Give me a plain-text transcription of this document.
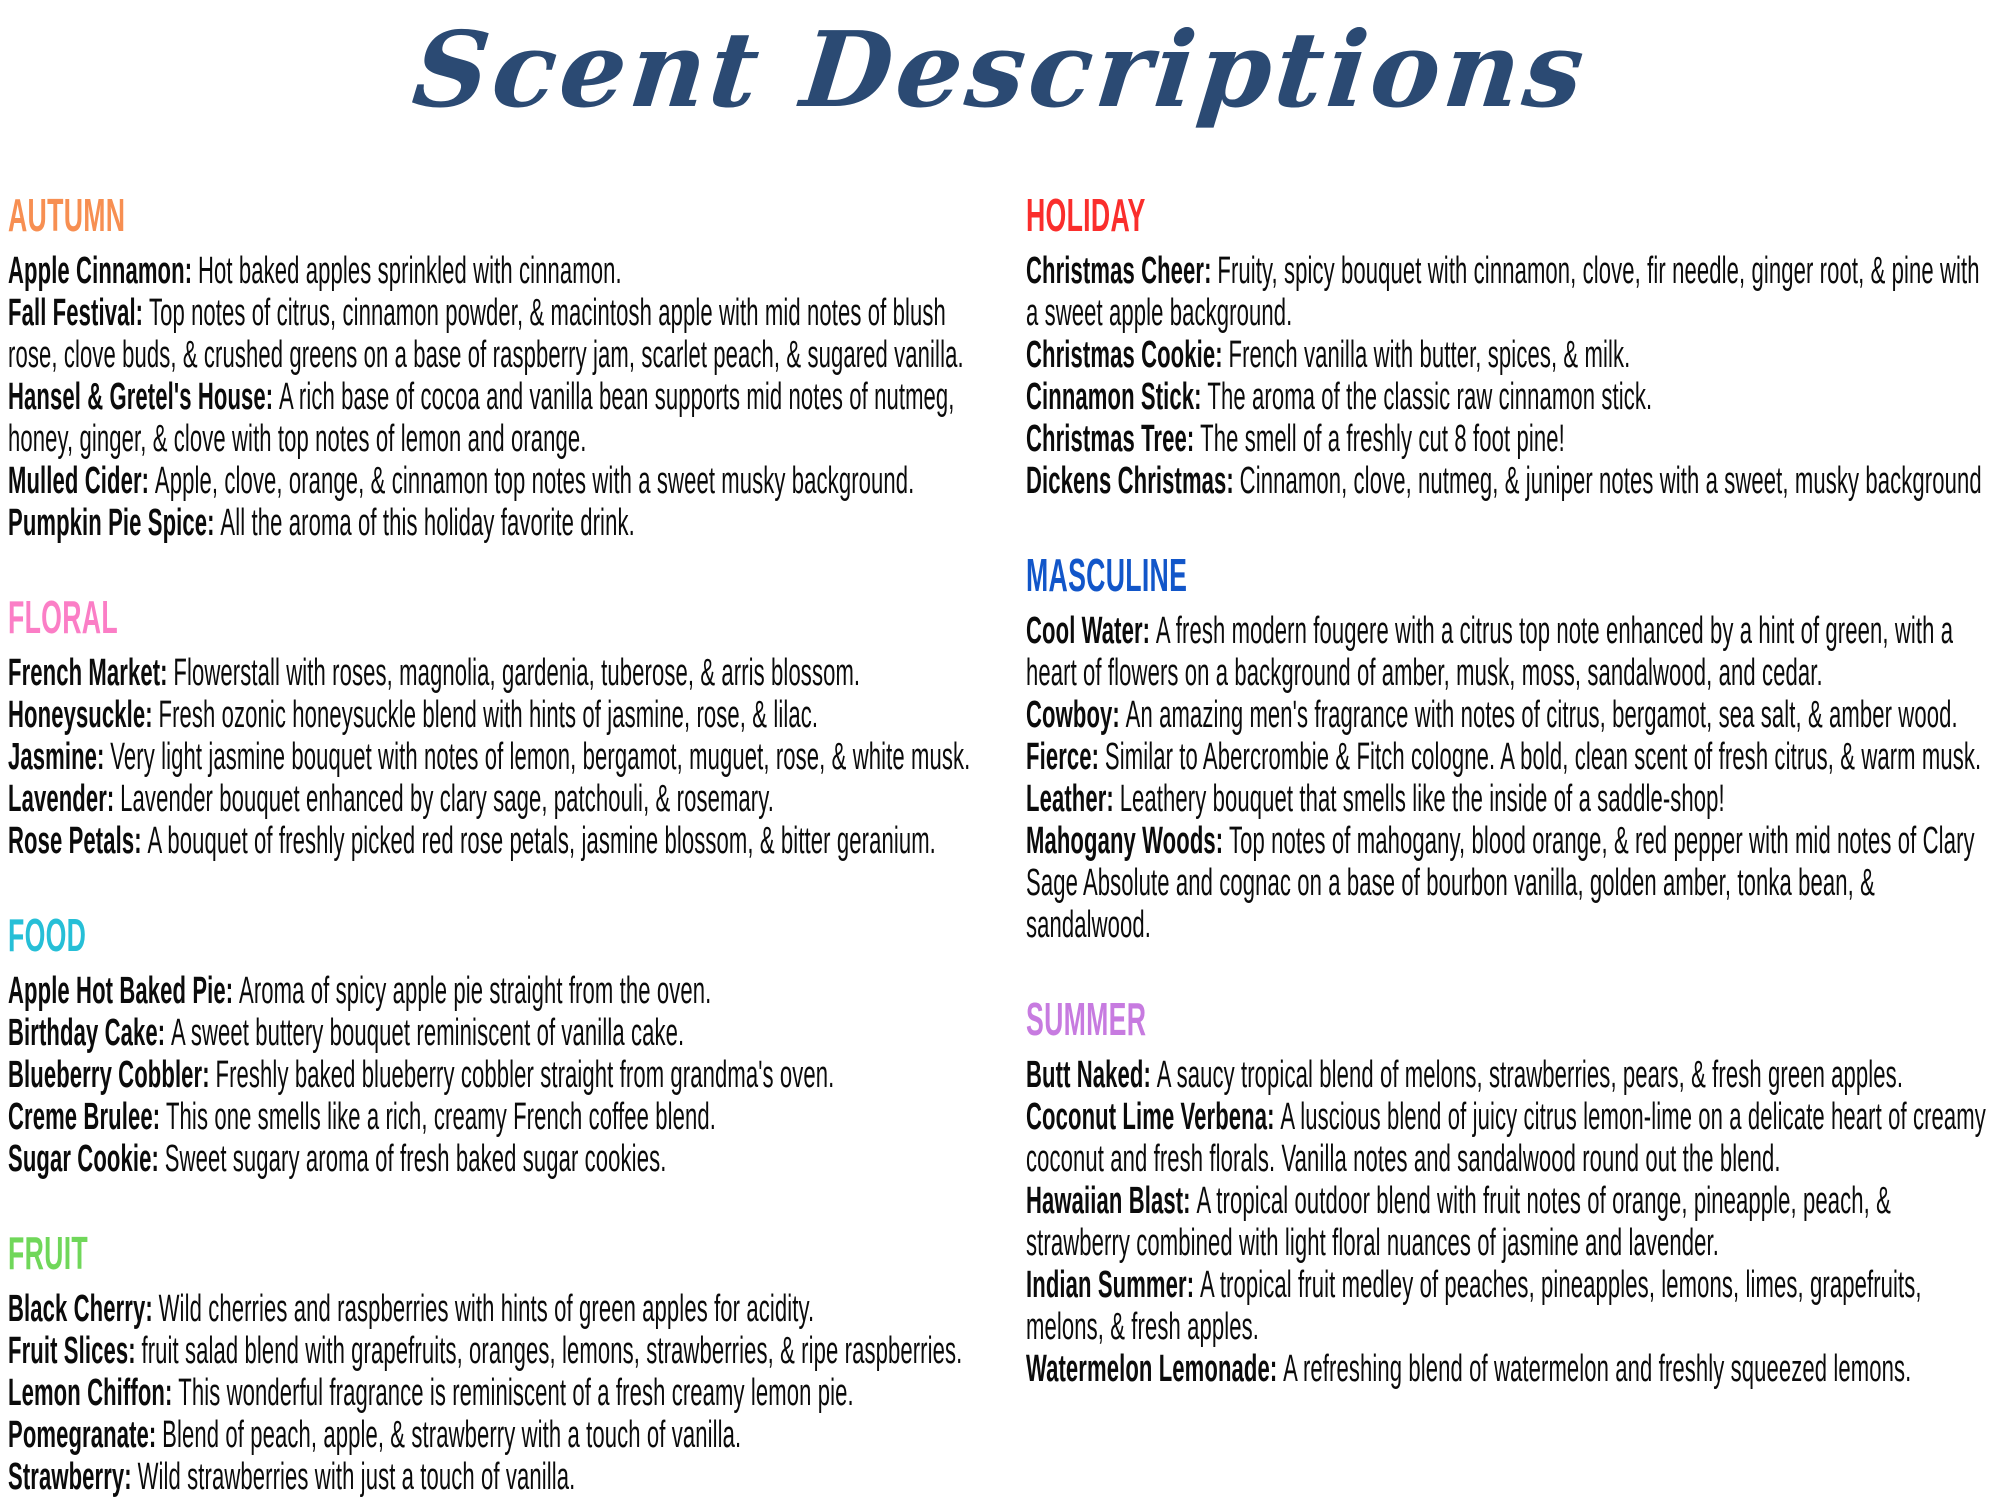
Scent Descriptions
AUTUMN

Apple Cinnamon: Hot baked apples sprinkled with cinnamon.

Fall Festival: Top notes of citrus, cinnamon powder, & macintosh apple with mid notes of blush rose, clove buds, & crushed greens on a base of raspberry jam, scarlet peach, & sugared vanilla.

Hansel & Gretel's House: A rich base of cocoa and vanilla bean supports mid notes of nutmeg, honey, ginger, & clove with top notes of lemon and orange.

Mulled Cider: Apple, clove, orange, & cinnamon top notes with a sweet musky background.

Pumpkin Pie Spice: All the aroma of this holiday favorite drink.

FLORAL

French Market: Flowerstall with roses, magnolia, gardenia, tuberose, & arris blossom.

Honeysuckle: Fresh ozonic honeysuckle blend with hints of jasmine, rose, & lilac.

Jasmine: Very light jasmine bouquet with notes of lemon, bergamot, muguet, rose, & white musk.

Lavender: Lavender bouquet enhanced by clary sage, patchouli, & rosemary.

Rose Petals: A bouquet of freshly picked red rose petals, jasmine blossom, & bitter geranium.

FOOD

Apple Hot Baked Pie: Aroma of spicy apple pie straight from the oven.

Birthday Cake: A sweet buttery bouquet reminiscent of vanilla cake.

Blueberry Cobbler: Freshly baked blueberry cobbler straight from grandma's oven.

Creme Brulee: This one smells like a rich, creamy French coffee blend.

Sugar Cookie: Sweet sugary aroma of fresh baked sugar cookies.

FRUIT

Black Cherry: Wild cherries and raspberries with hints of green apples for acidity.

Fruit Slices: fruit salad blend with grapefruits, oranges, lemons, strawberries, & ripe raspberries.

Lemon Chiffon: This wonderful fragrance is reminiscent of a fresh creamy lemon pie.

Pomegranate: Blend of peach, apple, & strawberry with a touch of vanilla.

Strawberry: Wild strawberries with just a touch of vanilla.

HOLIDAY

Christmas Cheer: Fruity, spicy bouquet with cinnamon, clove, fir needle, ginger root, & pine with a sweet apple background.

Christmas Cookie: French vanilla with butter, spices, & milk.

Cinnamon Stick: The aroma of the classic raw cinnamon stick.

Christmas Tree: The smell of a freshly cut 8 foot pine!

Dickens Christmas: Cinnamon, clove, nutmeg, & juniper notes with a sweet, musky background

MASCULINE

Cool Water: A fresh modern fougere with a citrus top note enhanced by a hint of green, with a heart of flowers on a background of amber, musk, moss, sandalwood, and cedar.

Cowboy: An amazing men's fragrance with notes of citrus, bergamot, sea salt, & amber wood.

Fierce: Similar to Abercrombie & Fitch cologne. A bold, clean scent of fresh citrus, & warm musk.

Leather: Leathery bouquet that smells like the inside of a saddle-shop!

Mahogany Woods: Top notes of mahogany, blood orange, & red pepper with mid notes of Clary Sage Absolute and cognac on a base of bourbon vanilla, golden amber, tonka bean, & sandalwood.

SUMMER

Butt Naked: A saucy tropical blend of melons, strawberries, pears, & fresh green apples.

Coconut Lime Verbena: A luscious blend of juicy citrus lemon-lime on a delicate heart of creamy coconut and fresh florals. Vanilla notes and sandalwood round out the blend.

Hawaiian Blast: A tropical outdoor blend with fruit notes of orange, pineapple, peach, & strawberry combined with light floral nuances of jasmine and lavender.

Indian Summer: A tropical fruit medley of peaches, pineapples, lemons, limes, grapefruits, melons, & fresh apples.

Watermelon Lemonade: A refreshing blend of watermelon and freshly squeezed lemons.
